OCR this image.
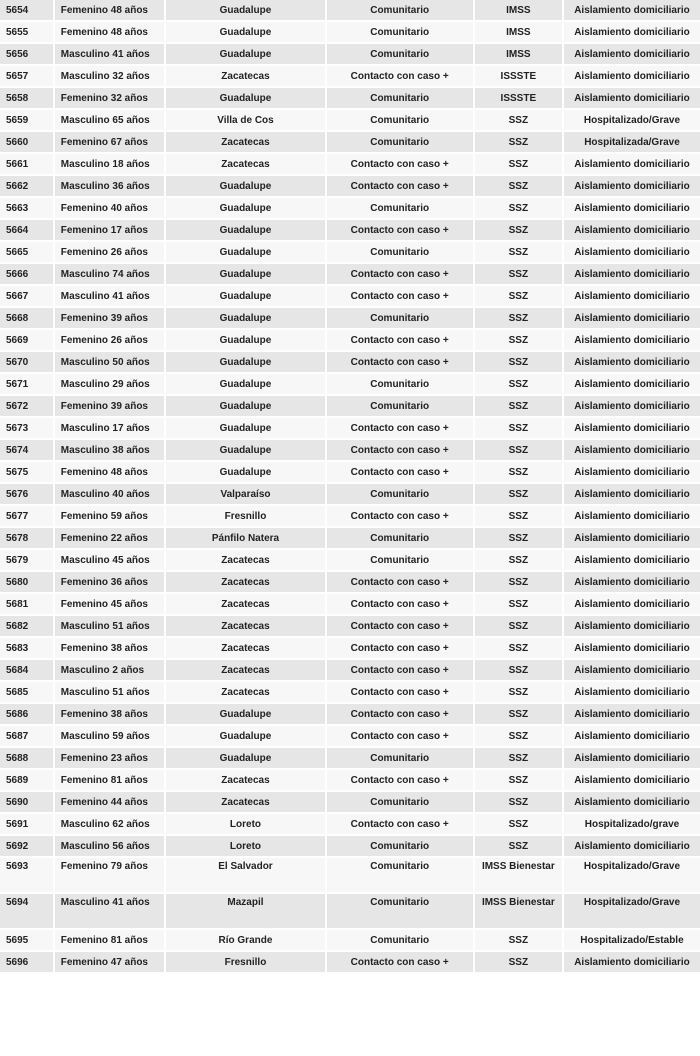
5654	Femenino 48 años	Guadalupe	Comunitario	IMSS	Aislamiento domiciliario
5655	Femenino 48 años	Guadalupe	Comunitario	IMSS	Aislamiento domiciliario
5656	Masculino 41 años	Guadalupe	Comunitario	IMSS	Aislamiento domiciliario
5657	Masculino 32 años	Zacatecas	Contacto con caso +	ISSSTE	Aislamiento domiciliario
5658	Femenino 32 años	Guadalupe	Comunitario	ISSSTE	Aislamiento domiciliario
5659	Masculino 65 años	Villa de Cos	Comunitario	SSZ	Hospitalizado/Grave
5660	Femenino 67 años	Zacatecas	Comunitario	SSZ	Hospitalizada/Grave
5661	Masculino 18 años	Zacatecas	Contacto con caso +	SSZ	Aislamiento domiciliario
5662	Masculino 36 años	Guadalupe	Contacto con caso +	SSZ	Aislamiento domiciliario
5663	Femenino 40 años	Guadalupe	Comunitario	SSZ	Aislamiento domiciliario
5664	Femenino 17 años	Guadalupe	Contacto con caso +	SSZ	Aislamiento domiciliario
5665	Femenino 26 años	Guadalupe	Comunitario	SSZ	Aislamiento domiciliario
5666	Masculino 74 años	Guadalupe	Contacto con caso +	SSZ	Aislamiento domiciliario
5667	Masculino 41 años	Guadalupe	Contacto con caso +	SSZ	Aislamiento domiciliario
5668	Femenino 39 años	Guadalupe	Comunitario	SSZ	Aislamiento domiciliario
5669	Femenino 26 años	Guadalupe	Contacto con caso +	SSZ	Aislamiento domiciliario
5670	Masculino 50 años	Guadalupe	Contacto con caso +	SSZ	Aislamiento domiciliario
5671	Masculino 29 años	Guadalupe	Comunitario	SSZ	Aislamiento domiciliario
5672	Femenino 39 años	Guadalupe	Comunitario	SSZ	Aislamiento domiciliario
5673	Masculino 17 años	Guadalupe	Contacto con caso +	SSZ	Aislamiento domiciliario
5674	Masculino 38 años	Guadalupe	Contacto con caso +	SSZ	Aislamiento domiciliario
5675	Femenino 48 años	Guadalupe	Contacto con caso +	SSZ	Aislamiento domiciliario
5676	Masculino 40 años	Valparaíso	Comunitario	SSZ	Aislamiento domiciliario
5677	Femenino 59 años	Fresnillo	Contacto con caso +	SSZ	Aislamiento domiciliario
5678	Femenino 22 años	Pánfilo Natera	Comunitario	SSZ	Aislamiento domiciliario
5679	Masculino 45 años	Zacatecas	Comunitario	SSZ	Aislamiento domiciliario
5680	Femenino 36 años	Zacatecas	Contacto con caso +	SSZ	Aislamiento domiciliario
5681	Femenino 45 años	Zacatecas	Contacto con caso +	SSZ	Aislamiento domiciliario
5682	Masculino 51 años	Zacatecas	Contacto con caso +	SSZ	Aislamiento domiciliario
5683	Femenino 38 años	Zacatecas	Contacto con caso +	SSZ	Aislamiento domiciliario
5684	Masculino 2 años	Zacatecas	Contacto con caso +	SSZ	Aislamiento domiciliario
5685	Masculino 51 años	Zacatecas	Contacto con caso +	SSZ	Aislamiento domiciliario
5686	Femenino 38 años	Guadalupe	Contacto con caso +	SSZ	Aislamiento domiciliario
5687	Masculino 59 años	Guadalupe	Contacto con caso +	SSZ	Aislamiento domiciliario
5688	Femenino 23 años	Guadalupe	Comunitario	SSZ	Aislamiento domiciliario
5689	Femenino 81 años	Zacatecas	Contacto con caso +	SSZ	Aislamiento domiciliario
5690	Femenino 44 años	Zacatecas	Comunitario	SSZ	Aislamiento domiciliario
5691	Masculino 62 años	Loreto	Contacto con caso +	SSZ	Hospitalizado/grave
5692	Masculino 56 años	Loreto	Comunitario	SSZ	Aislamiento domiciliario
5693	Femenino 79 años	El Salvador	Comunitario	IMSS Bienestar	Hospitalizado/Grave
5694	Masculino 41 años	Mazapil	Comunitario	IMSS Bienestar	Hospitalizado/Grave
5695	Femenino 81 años	Río Grande	Comunitario	SSZ	Hospitalizado/Estable
5696	Femenino 47 años	Fresnillo	Contacto con caso +	SSZ	Aislamiento domiciliario
